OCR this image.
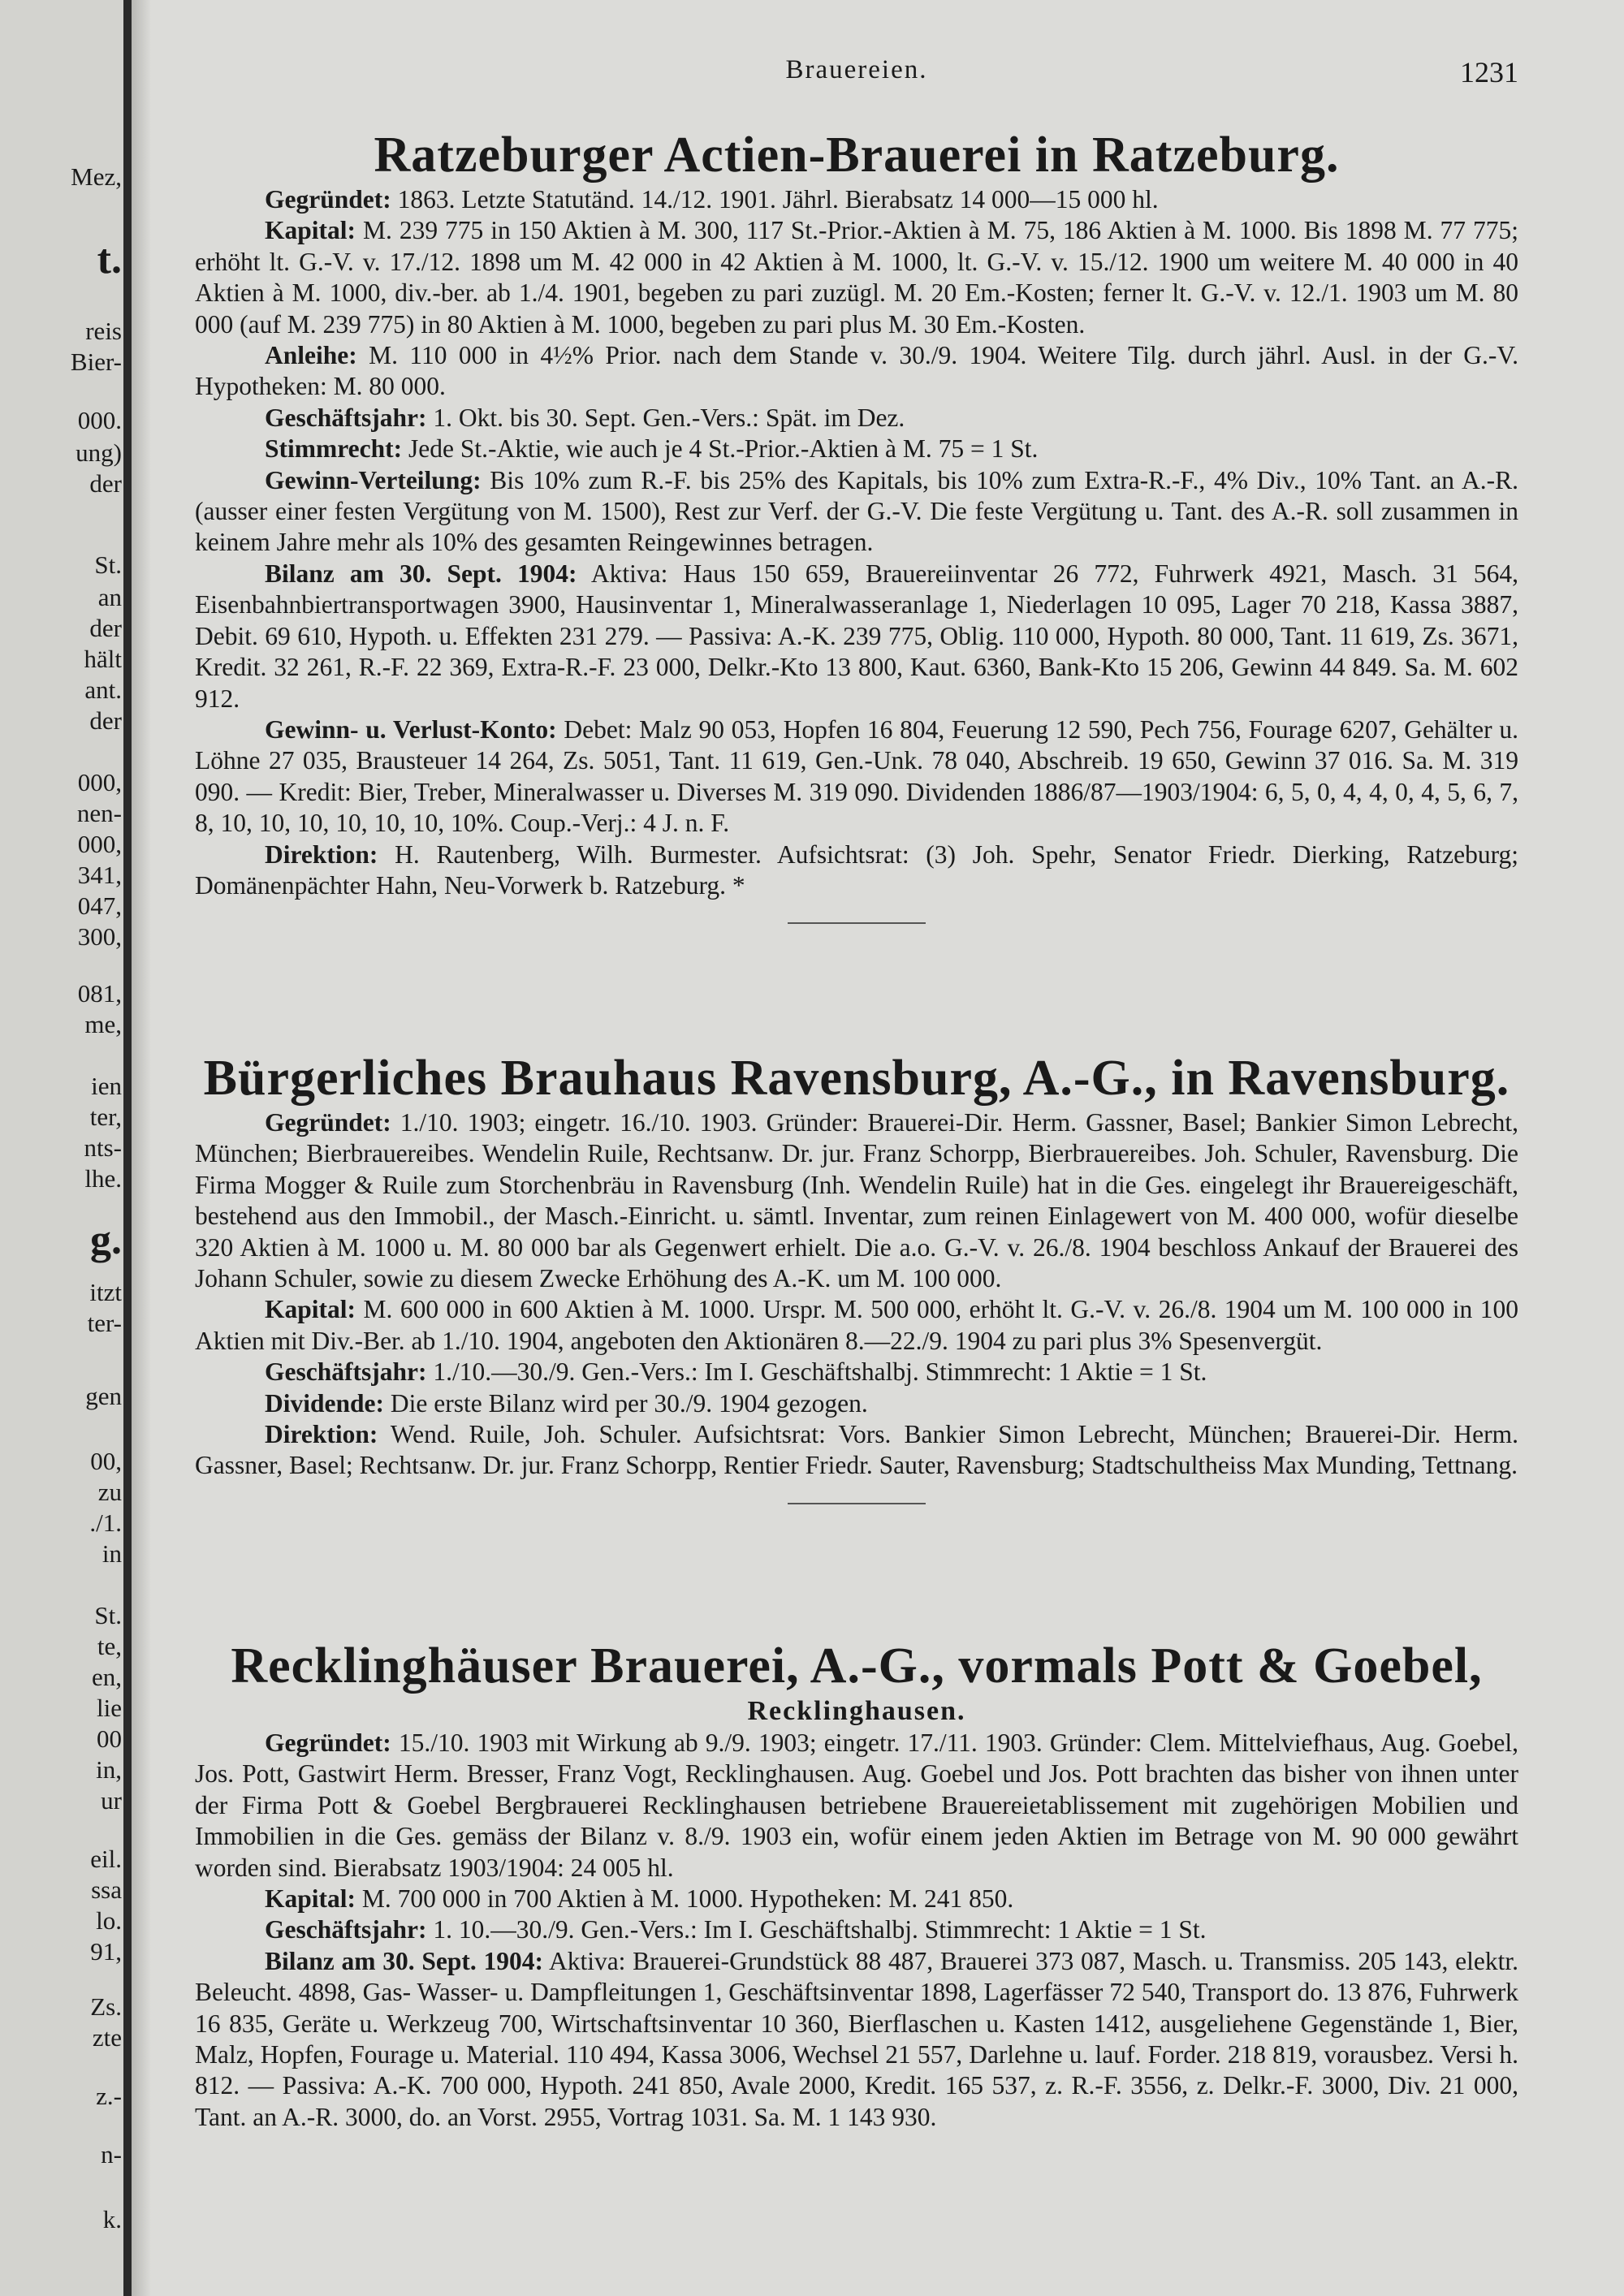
Mez,
t.
reis
Bier-
000.
ung)
der
St.
an
der
hält
ant.
der
000,
nen-
000,
341,
047,
300,
081,
me,
ien
ter,
nts-
lhe.
g.
itzt
ter-
gen
00,
zu
./1.
in
St.
te,
en,
lie
00
in,
ur
eil.
ssa
lo.
91,
Zs.
zte
z.-
n-
k.
Brauereien.	1231
Ratzeburger Actien-Brauerei in Ratzeburg.
Gegründet: 1863. Letzte Statutänd. 14./12. 1901. Jährl. Bierabsatz 14 000—15 000 hl.
Kapital: M. 239 775 in 150 Aktien à M. 300, 117 St.-Prior.-Aktien à M. 75, 186 Aktien à M. 1000. Bis 1898 M. 77 775; erhöht lt. G.-V. v. 17./12. 1898 um M. 42 000 in 42 Aktien à M. 1000, lt. G.-V. v. 15./12. 1900 um weitere M. 40 000 in 40 Aktien à M. 1000, div.-ber. ab 1./4. 1901, begeben zu pari zuzügl. M. 20 Em.-Kosten; ferner lt. G.-V. v. 12./1. 1903 um M. 80 000 (auf M. 239 775) in 80 Aktien à M. 1000, begeben zu pari plus M. 30 Em.-Kosten.
Anleihe: M. 110 000 in 4½% Prior. nach dem Stande v. 30./9. 1904. Weitere Tilg. durch jährl. Ausl. in der G.-V. Hypotheken: M. 80 000.
Geschäftsjahr: 1. Okt. bis 30. Sept. Gen.-Vers.: Spät. im Dez.
Stimmrecht: Jede St.-Aktie, wie auch je 4 St.-Prior.-Aktien à M. 75 = 1 St.
Gewinn-Verteilung: Bis 10% zum R.-F. bis 25% des Kapitals, bis 10% zum Extra-R.-F., 4% Div., 10% Tant. an A.-R. (ausser einer festen Vergütung von M. 1500), Rest zur Verf. der G.-V. Die feste Vergütung u. Tant. des A.-R. soll zusammen in keinem Jahre mehr als 10% des gesamten Reingewinnes betragen.
Bilanz am 30. Sept. 1904: Aktiva: Haus 150 659, Brauereiinventar 26 772, Fuhrwerk 4921, Masch. 31 564, Eisenbahnbiertransportwagen 3900, Hausinventar 1, Mineralwasseranlage 1, Niederlagen 10 095, Lager 70 218, Kassa 3887, Debit. 69 610, Hypoth. u. Effekten 231 279. — Passiva: A.-K. 239 775, Oblig. 110 000, Hypoth. 80 000, Tant. 11 619, Zs. 3671, Kredit. 32 261, R.-F. 22 369, Extra-R.-F. 23 000, Delkr.-Kto 13 800, Kaut. 6360, Bank-Kto 15 206, Gewinn 44 849. Sa. M. 602 912.
Gewinn- u. Verlust-Konto: Debet: Malz 90 053, Hopfen 16 804, Feuerung 12 590, Pech 756, Fourage 6207, Gehälter u. Löhne 27 035, Brausteuer 14 264, Zs. 5051, Tant. 11 619, Gen.-Unk. 78 040, Abschreib. 19 650, Gewinn 37 016. Sa. M. 319 090. — Kredit: Bier, Treber, Mineralwasser u. Diverses M. 319 090. Dividenden 1886/87—1903/1904: 6, 5, 0, 4, 4, 0, 4, 5, 6, 7, 8, 10, 10, 10, 10, 10, 10, 10%. Coup.-Verj.: 4 J. n. F.
Direktion: H. Rautenberg, Wilh. Burmester. Aufsichtsrat: (3) Joh. Spehr, Senator Friedr. Dierking, Ratzeburg; Domänenpächter Hahn, Neu-Vorwerk b. Ratzeburg. *
Bürgerliches Brauhaus Ravensburg, A.-G., in Ravensburg.
Gegründet: 1./10. 1903; eingetr. 16./10. 1903. Gründer: Brauerei-Dir. Herm. Gassner, Basel; Bankier Simon Lebrecht, München; Bierbrauereibes. Wendelin Ruile, Rechtsanw. Dr. jur. Franz Schorpp, Bierbrauereibes. Joh. Schuler, Ravensburg. Die Firma Mogger & Ruile zum Storchenbräu in Ravensburg (Inh. Wendelin Ruile) hat in die Ges. eingelegt ihr Brauereigeschäft, bestehend aus den Immobil., der Masch.-Einricht. u. sämtl. Inventar, zum reinen Einlagewert von M. 400 000, wofür dieselbe 320 Aktien à M. 1000 u. M. 80 000 bar als Gegenwert erhielt. Die a.o. G.-V. v. 26./8. 1904 beschloss Ankauf der Brauerei des Johann Schuler, sowie zu diesem Zwecke Erhöhung des A.-K. um M. 100 000.
Kapital: M. 600 000 in 600 Aktien à M. 1000. Urspr. M. 500 000, erhöht lt. G.-V. v. 26./8. 1904 um M. 100 000 in 100 Aktien mit Div.-Ber. ab 1./10. 1904, angeboten den Aktionären 8.—22./9. 1904 zu pari plus 3% Spesenvergüt.
Geschäftsjahr: 1./10.—30./9. Gen.-Vers.: Im I. Geschäftshalbj. Stimmrecht: 1 Aktie = 1 St.
Dividende: Die erste Bilanz wird per 30./9. 1904 gezogen.
Direktion: Wend. Ruile, Joh. Schuler. Aufsichtsrat: Vors. Bankier Simon Lebrecht, München; Brauerei-Dir. Herm. Gassner, Basel; Rechtsanw. Dr. jur. Franz Schorpp, Rentier Friedr. Sauter, Ravensburg; Stadtschultheiss Max Munding, Tettnang.
Recklinghäuser Brauerei, A.-G., vormals Pott & Goebel,
Recklinghausen.
Gegründet: 15./10. 1903 mit Wirkung ab 9./9. 1903; eingetr. 17./11. 1903. Gründer: Clem. Mittelviefhaus, Aug. Goebel, Jos. Pott, Gastwirt Herm. Bresser, Franz Vogt, Recklinghausen. Aug. Goebel und Jos. Pott brachten das bisher von ihnen unter der Firma Pott & Goebel Bergbrauerei Recklinghausen betriebene Brauereietablissement mit zugehörigen Mobilien und Immobilien in die Ges. gemäss der Bilanz v. 8./9. 1903 ein, wofür einem jeden Aktien im Betrage von M. 90 000 gewährt worden sind. Bierabsatz 1903/1904: 24 005 hl.
Kapital: M. 700 000 in 700 Aktien à M. 1000. Hypotheken: M. 241 850.
Geschäftsjahr: 1. 10.—30./9. Gen.-Vers.: Im I. Geschäftshalbj. Stimmrecht: 1 Aktie = 1 St.
Bilanz am 30. Sept. 1904: Aktiva: Brauerei-Grundstück 88 487, Brauerei 373 087, Masch. u. Transmiss. 205 143, elektr. Beleucht. 4898, Gas- Wasser- u. Dampfleitungen 1, Geschäftsinventar 1898, Lagerfässer 72 540, Transport do. 13 876, Fuhrwerk 16 835, Geräte u. Werkzeug 700, Wirtschaftsinventar 10 360, Bierflaschen u. Kasten 1412, ausgeliehene Gegenstände 1, Bier, Malz, Hopfen, Fourage u. Material. 110 494, Kassa 3006, Wechsel 21 557, Darlehne u. lauf. Forder. 218 819, vorausbez. Versi h. 812. — Passiva: A.-K. 700 000, Hypoth. 241 850, Avale 2000, Kredit. 165 537, z. R.-F. 3556, z. Delkr.-F. 3000, Div. 21 000, Tant. an A.-R. 3000, do. an Vorst. 2955, Vortrag 1031. Sa. M. 1 143 930.
